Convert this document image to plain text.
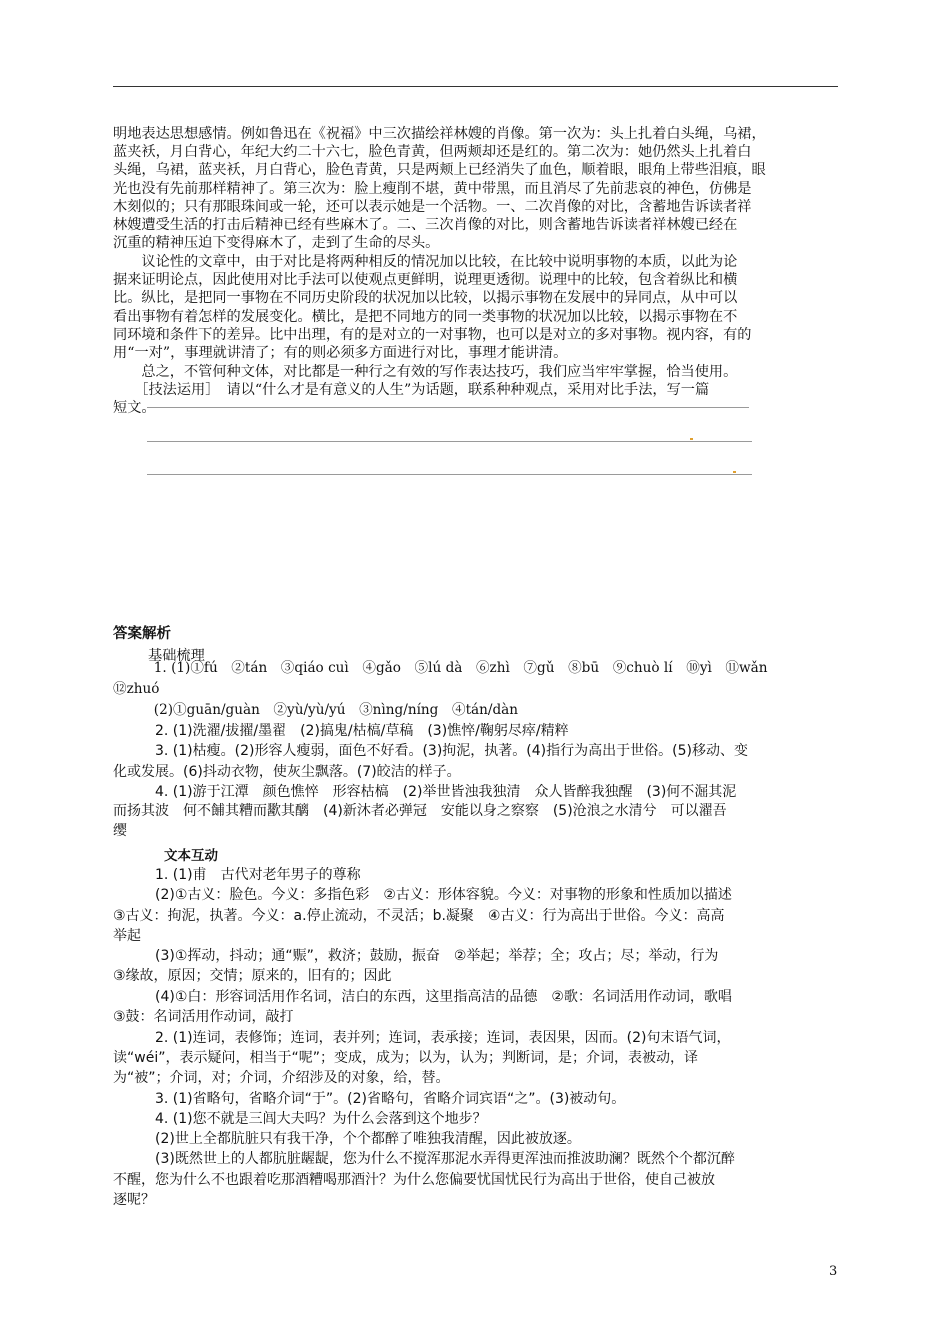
明地表达思想感情。例如鲁迅在《祝福》中三次描绘祥林嫂的肖像。第一次为：头上扎着白头绳，乌裙，
蓝夹袄，月白背心，年纪大约二十六七，脸色青黄，但两颊却还是红的。第二次为：她仍然头上扎着白
头绳，乌裙，蓝夹袄，月白背心，脸色青黄，只是两颊上已经消失了血色，顺着眼，眼角上带些泪痕，眼
光也没有先前那样精神了。第三次为：脸上瘦削不堪，黄中带黑，而且消尽了先前悲哀的神色，仿佛是
木刻似的；只有那眼珠间或一轮，还可以表示她是一个活物。一、二次肖像的对比，含蓄地告诉读者祥
林嫂遭受生活的打击后精神已经有些麻木了。二、三次肖像的对比，则含蓄地告诉读者祥林嫂已经在
沉重的精神压迫下变得麻木了，走到了生命的尽头。
　　议论性的文章中，由于对比是将两种相反的情况加以比较，在比较中说明事物的本质，以此为论
据来证明论点，因此使用对比手法可以使观点更鲜明，说理更透彻。说理中的比较，包含着纵比和横
比。纵比，是把同一事物在不同历史阶段的状况加以比较，以揭示事物在发展中的异同点，从中可以
看出事物有着怎样的发展变化。横比，是把不同地方的同一类事物的状况加以比较，以揭示事物在不
同环境和条件下的差异。比中出理，有的是对立的一对事物，也可以是对立的多对事物。视内容，有的
用“一对”，事理就讲清了；有的则必须多方面进行对比，事理才能讲清。
　　总之，不管何种文体，对比都是一种行之有效的写作表达技巧，我们应当牢牢掌握，恰当使用。
　　［技法运用］　请以“什么才是有意义的人生”为话题，联系种种观点，采用对比手法，写一篇
短文。
答案解析
基础梳理
　　　1. (1)①fú　②tán　③qiáo cuì　④gǎo　⑤lú dà　⑥zhì　⑦gǔ　⑧bū　⑨chuò lí　⑩yì　⑪wǎn
⑫zhuó
　　　(2)①guān/guàn　②yù/yù/yú　③nìng/níng　④tán/dàn
　　　2. (1)洗濯/拔擢/墨翟　(2)搞鬼/枯槁/草稿　(3)憔悴/鞠躬尽瘁/精粹
　　　3. (1)枯瘦。(2)形容人瘦弱，面色不好看。(3)拘泥，执著。(4)指行为高出于世俗。(5)移动、变
化或发展。(6)抖动衣物，使灰尘飘落。(7)皎洁的样子。
　　　4. (1)游于江潭　颜色憔悴　形容枯槁　(2)举世皆浊我独清　众人皆醉我独醒　(3)何不淈其泥
而扬其波　何不餔其糟而歠其醨　(4)新沐者必弹冠　安能以身之察察　(5)沧浪之水清兮　可以濯吾
缨
文本互动
　　　1. (1)甫　古代对老年男子的尊称
　　　(2)①古义：脸色。今义：多指色彩　②古义：形体容貌。今义：对事物的形象和性质加以描述
③古义：拘泥，执著。今义：a.停止流动，不灵活；b.凝聚　④古义：行为高出于世俗。今义：高高
举起
　　　(3)①挥动，抖动；通“赈”，救济；鼓励，振奋　②举起；举荐；全；攻占；尽；举动，行为
③缘故，原因；交情；原来的，旧有的；因此
　　　(4)①白：形容词活用作名词，洁白的东西，这里指高洁的品德　②歌：名词活用作动词，歌唱
③鼓：名词活用作动词，敲打
　　　2. (1)连词，表修饰；连词，表并列；连词，表承接；连词，表因果，因而。(2)句末语气词，
读“wéi”，表示疑问，相当于“呢”；变成，成为；以为，认为；判断词，是；介词，表被动，译
为“被”；介词，对；介词，介绍涉及的对象，给，替。
　　　3. (1)省略句，省略介词“于”。(2)省略句，省略介词宾语“之”。(3)被动句。
　　　4. (1)您不就是三闾大夫吗？为什么会落到这个地步？
　　　(2)世上全都肮脏只有我干净，个个都醉了唯独我清醒，因此被放逐。
　　　(3)既然世上的人都肮脏龌龊，您为什么不搅浑那泥水弄得更浑浊而推波助澜？既然个个都沉醉
不醒，您为什么不也跟着吃那酒糟喝那酒汁？为什么您偏要忧国忧民行为高出于世俗，使自己被放
逐呢？
3
